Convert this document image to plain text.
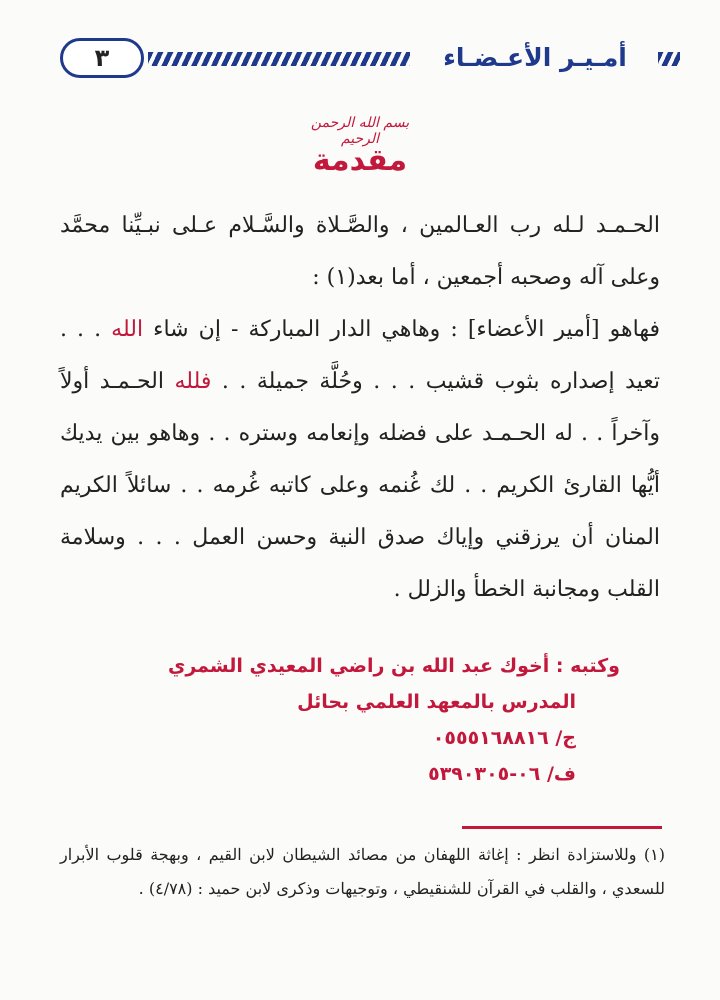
٣	أمـيـر الأعـضـاء
بسم الله الرحمن الرحيم
مقدمة

الحـمـد لـله رب العـالمين ، والصَّـلاة والسَّـلام عـلى نبـيِّنا محمَّد وعلى آله وصحبه أجمعين ، أما بعد(١) :

فهاهو [أمير الأعضاء] : وهاهي الدار المباركة - إن شاء الله . . . تعيد إصداره بثوب قشيب . . . وحُلَّة جميلة . . فلله الحـمـد أولاً وآخراً . . له الحـمـد على فضله وإنعامه وستره . . وهاهو بين يديك أيُّها القارئ الكريم . . لك غُنمه وعلى كاتبه غُرمه . . سائلاً الكريم المنان أن يرزقني وإياك صدق النية وحسن العمل . . . وسلامة القلب ومجانبة الخطأ والزلل .

وكتبه : أخوك عبد الله بن راضي المعيدي الشمري
المدرس بالمعهد العلمي بحائل
ج/ ٠٥٥٥١٦٨٨١٦
ف/ ٠٦-٥٣٩٠٣٠٥
(١) وللاستزادة انظر : إغاثة اللهفان من مصائد الشيطان لابن القيم ، وبهجة قلوب الأبرار للسعدي ، والقلب في القرآن للشنقيطي ، وتوجيهات وذكرى لابن حميد : (٤/٧٨) .
